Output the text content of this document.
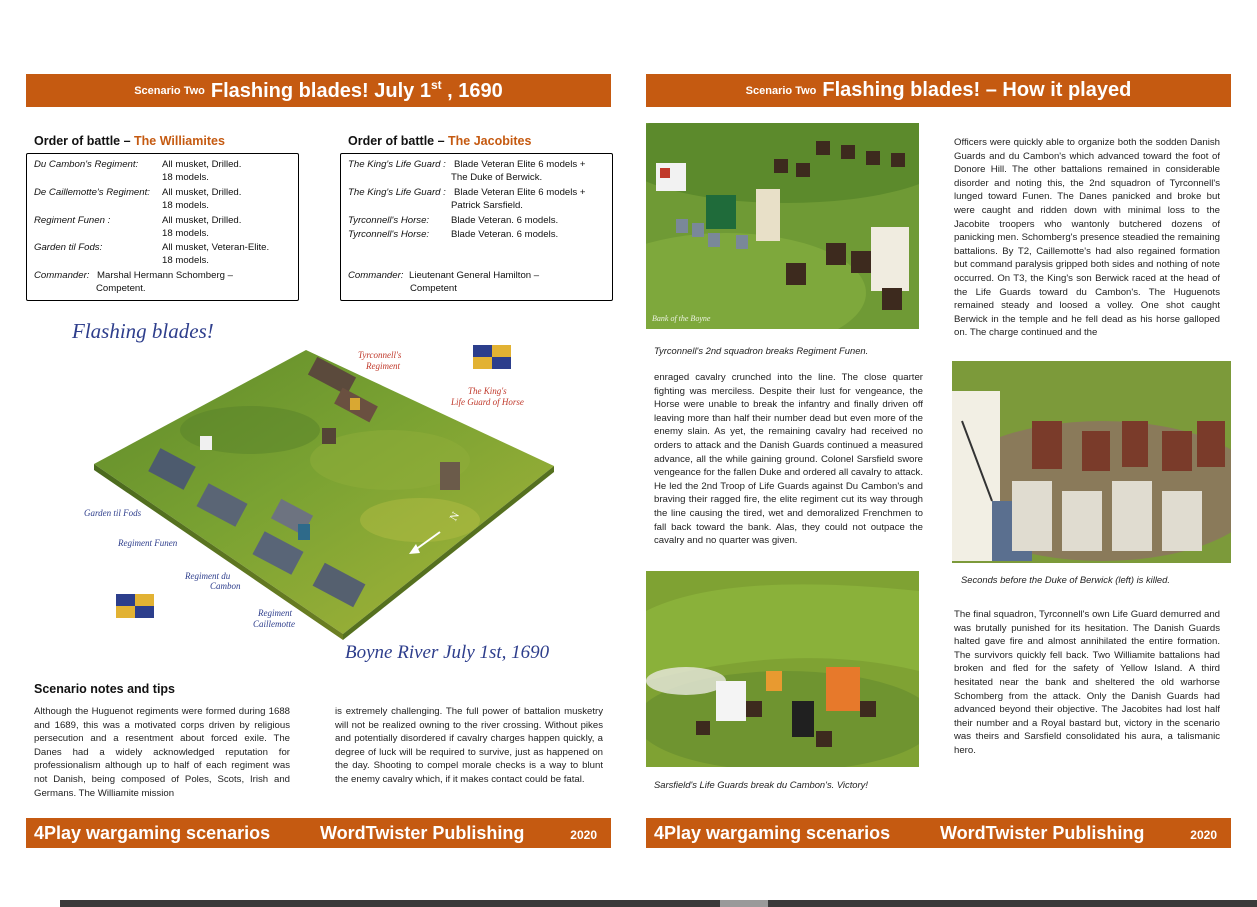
Scenario Two Flashing blades! July 1st , 1690
Order of battle – The Williamites
Du Cambon's Regiment: All musket, Drilled.
18 models.
De Caillemotte's Regiment: All musket, Drilled.
18 models.
Regiment Funen :	All musket, Drilled.
18 models.
Garden til Fods:	All musket, Veteran-Elite.
18 models.
Commander: Marshal Hermann Schomberg –
Competent.
Order of battle – The Jacobites
The King's Life Guard : Blade Veteran Elite 6 models +
The Duke of Berwick.
The King's Life Guard : Blade Veteran Elite 6 models +
Patrick Sarsfield.
Tyrconnell's Horse: Blade Veteran. 6 models.
Tyrconnell's Horse: Blade Veteran. 6 models.
Commander: Lieutenant General Hamilton –
Competent
Flashing blades!
N
Tyrconnell's
Regiment
The King's
Life Guard of Horse
Garden til Fods
Regiment Funen
Regiment du
Cambon
Regiment
Caillemotte
Boyne River July 1st, 1690
Scenario notes and tips
Although the Huguenot regiments were formed during 1688 and 1689, this was a motivated corps driven by religious persecution and a resentment about forced exile. The Danes had a widely acknowledged reputation for professionalism although up to half of each regiment was not Danish, being composed of Poles, Scots, Irish and Germans. The Williamite mission
is extremely challenging. The full power of battalion musketry will not be realized owning to the river crossing. Without pikes and potentially disordered if cavalry charges happen quickly, a degree of luck will be required to survive, just as happened on the day. Shooting to compel morale checks is a way to blunt the enemy cavalry which, if it makes contact could be fatal.
4Play wargaming scenarios	WordTwister Publishing	2020
Scenario Two Flashing blades! – How it played
Bank of the Boyne
Tyrconnell's 2nd squadron breaks Regiment Funen.
Officers were quickly able to organize both the sodden Danish Guards and du Cambon's which advanced toward the foot of Donore Hill. The other battalions remained in considerable disorder and noting this, the 2nd squadron of Tyrconnell's lunged toward Funen. The Danes panicked and broke but were caught and ridden down with minimal loss to the Jacobite troopers who wantonly butchered dozens of panicking men. Schomberg's presence steadied the remaining battalions. By T2, Caillemotte's had also regained formation but command paralysis gripped both sides and nothing of note occurred. On T3, the King's son Berwick raced at the head of the Life Guards toward du Cambon's. The Huguenots remained steady and loosed a volley. One shot caught Berwick in the temple and he fell dead as his horse galloped on. The charge continued and the
enraged cavalry crunched into the line. The close quarter fighting was merciless. Despite their lust for vengeance, the Horse were unable to break the infantry and finally driven off leaving more than half their number dead but even more of the enemy slain. As yet, the remaining cavalry had received no orders to attack and the Danish Guards continued a measured advance, all the while gaining ground. Colonel Sarsfield swore vengeance for the fallen Duke and ordered all cavalry to attack. He led the 2nd Troop of Life Guards against Du Cambon's and braving their ragged fire, the elite regiment cut its way through the line causing the tired, wet and demoralized Frenchmen to fall back toward the bank. Alas, they could not outpace the cavalry and no quarter was given.
Seconds before the Duke of Berwick (left) is killed.
Sarsfield's Life Guards break du Cambon's. Victory!
The final squadron, Tyrconnell's own Life Guard demurred and was brutally punished for its hesitation. The Danish Guards halted gave fire and almost annihilated the entire formation. The survivors quickly fell back. Two Williamite battalions had broken and fled for the safety of Yellow Island. A third hesitated near the bank and sheltered the old warhorse Schomberg from the attack. Only the Danish Guards had advanced beyond their objective. The Jacobites had lost half their number and a Royal bastard but, victory in the scenario was theirs and Sarsfield consolidated his aura, a talismanic hero.
4Play wargaming scenarios	WordTwister Publishing	2020
